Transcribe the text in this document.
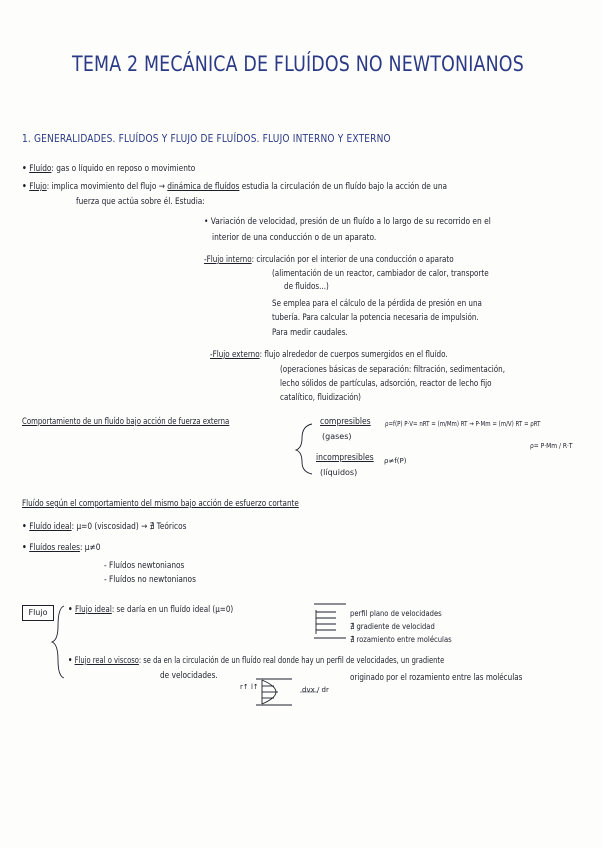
TEMA 2 MECÁNICA DE FLUÍDOS NO NEWTONIANOS
1. GENERALIDADES. FLUÍDOS Y FLUJO DE FLUÍDOS. FLUJO INTERNO Y EXTERNO
• Fluído: gas o líquido en reposo o movimiento
• Flujo: implica movimiento del flujo → dinámica de fluídos estudia la circulación de un fluído bajo la acción de una
fuerza que actúa sobre él. Estudia:
• Variación de velocidad, presión de un fluído a lo largo de su recorrido en el
interior de una conducción o de un aparato.
-Flujo interno: circulación por el interior de una conducción o aparato
(alimentación de un reactor, cambiador de calor, transporte
de fluídos...)
Se emplea para el cálculo de la pérdida de presión en una
tubería. Para calcular la potencia necesaria de impulsión.
Para medir caudales.
-Flujo externo: flujo alrededor de cuerpos sumergidos en el fluído.
(operaciones básicas de separación: filtración, sedimentación,
lecho sólidos de partículas, adsorción, reactor de lecho fijo
catalítico, fluidización)
Comportamiento de un fluído bajo acción de fuerza externa	compresibles
(gases)
ρ=f(P) P·V= nRT = (m/Mm) RT → P·Mm = (m/V) RT = ρRT
ρ= P·Mm / R·T
incompresibles ρ≠f(P)
(líquidos)
Fluído según el comportamiento del mismo bajo acción de esfuerzo cortante
• Fluído ideal: μ=0 (viscosidad) → ∄ Teóricos
• Fluídos reales: μ≠0
- Fluídos newtonianos
- Fluídos no newtonianos
Flujo	• Flujo ideal: se daría en un fluído ideal (μ=0)	perfil plano de velocidades
∄ gradiente de velocidad
∄ rozamiento entre moléculas
• Flujo real o viscoso: se da en la circulación de un fluído real donde hay un perfil de velocidades, un gradiente
de velocidades.	originado por el rozamiento entre las moléculas
r↑ l↑	dvx / dr
